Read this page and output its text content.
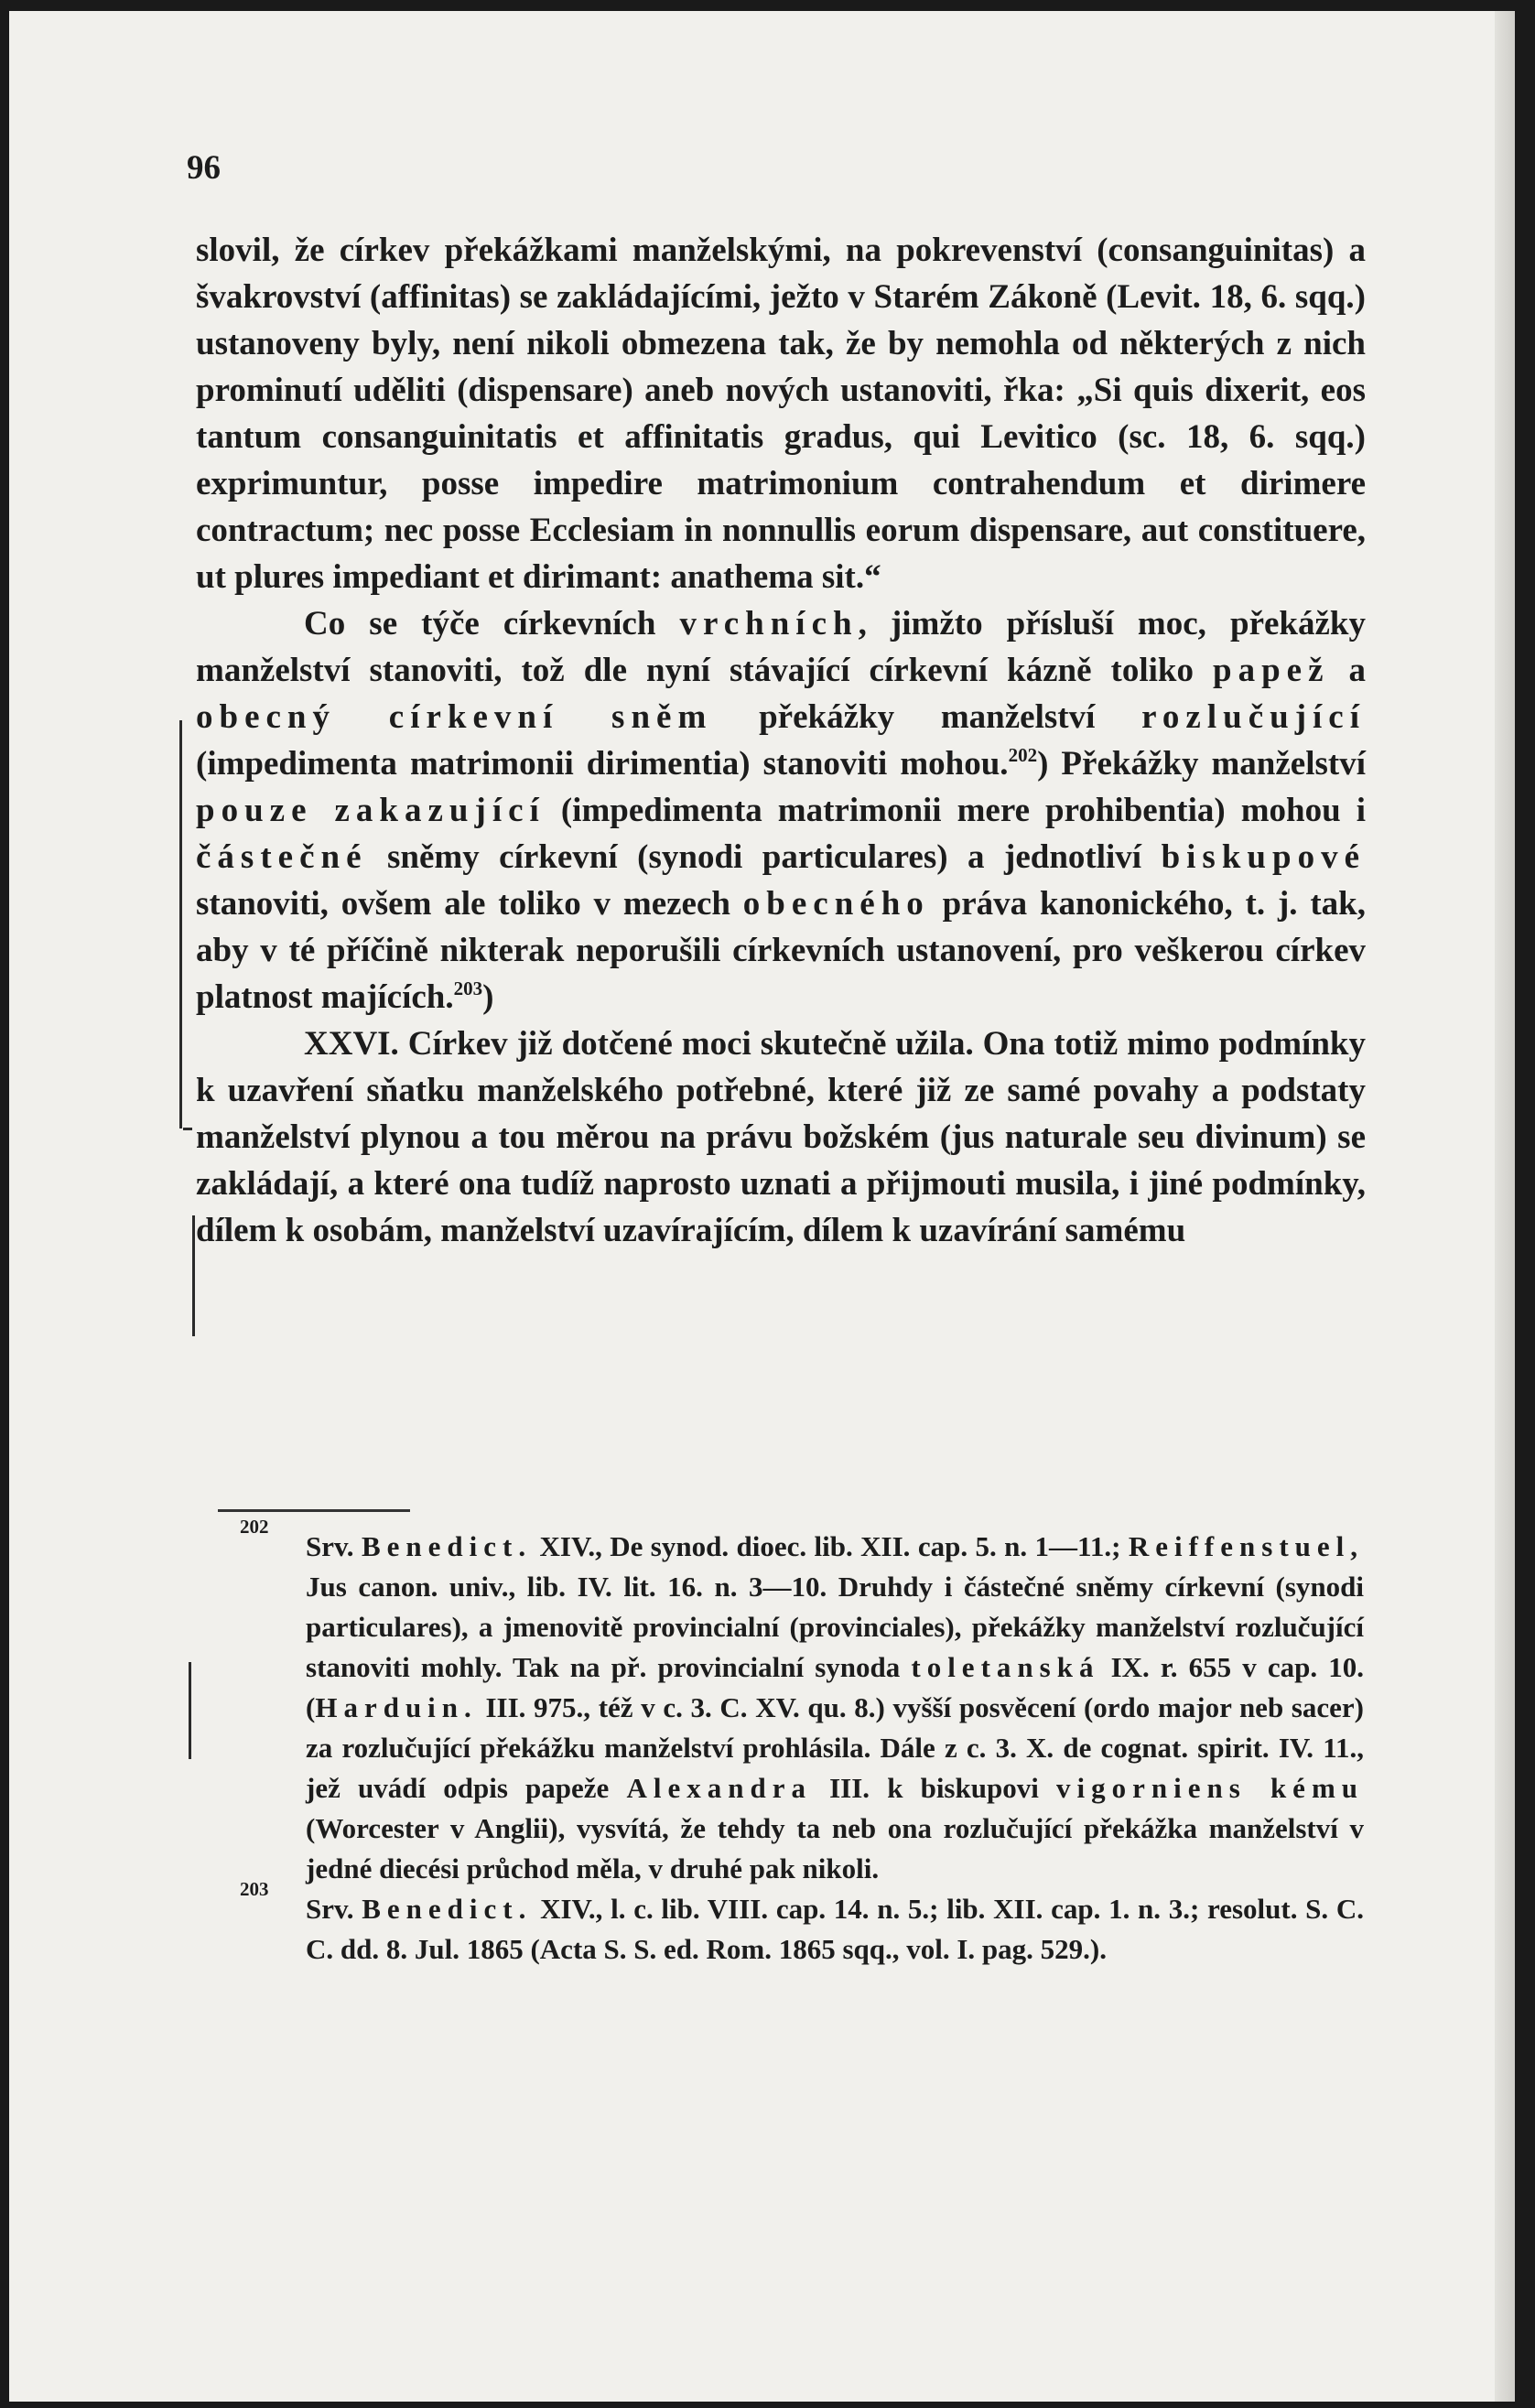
96

slovil, že církev překážkami manželskými, na pokrevenství (consanguinitas) a švakrovství (affinitas) se zakládajícími, ježto v Starém Zákoně (Levit. 18, 6. sqq.) ustanoveny byly, není nikoli obmezena tak, že by nemohla od některých z nich prominutí uděliti (dispensare) aneb nových ustanoviti, řka: „Si quis dixerit, eos tantum consanguinitatis et affinitatis gradus, qui Levitico (sc. 18, 6. sqq.) exprimuntur, posse impedire matrimonium contrahendum et dirimere contractum; nec posse Ecclesiam in nonnullis eorum dispensare, aut constituere, ut plures impediant et dirimant: anathema sit.“

Co se týče církevních vrchních, jimžto přísluší moc, překážky manželství stanoviti, tož dle nyní stávající církevní kázně toliko papež a obecný církevní sněm překážky manželství rozlučující (impedimenta matrimonii dirimentia) stanoviti mohou.$^{202}$) Překážky manželství pouze zakazující (impedimenta matrimonii mere prohibentia) mohou i částečné sněmy církevní (synodi particulares) a jednotliví biskupové stanoviti, ovšem ale toliko v mezech obecného práva kanonického, t. j. tak, aby v té příčině nikterak neporušili církevních ustanovení, pro veškerou církev platnost majících.$^{203}$)

XXVI. Církev již dotčené moci skutečně užila. Ona totiž mimo podmínky k uzavření sňatku manželského potřebné, které již ze samé povahy a podstaty manželství plynou a tou měrou na právu božském (jus naturale seu divinum) se zakládají, a které ona tudíž naprosto uznati a přijmouti musila, i jiné podmínky, dílem k osobám, manželství uzavírajícím, dílem k uzavírání samému

202
Srv. Benedict. XIV., De synod. dioec. lib. XII. cap. 5. n. 1—11.; Reiffenstuel, Jus canon. univ., lib. IV. lit. 16. n. 3—10. Druhdy i částečné sněmy církevní (synodi particulares), a jmenovitě provincialní (provinciales), překážky manželství rozlučující stanoviti mohly. Tak na př. provincialní synoda toletanská IX. r. 655 v cap. 10. (Harduin. III. 975., též v c. 3. C. XV. qu. 8.) vyšší posvěcení (ordo major neb sacer) za rozlučující překážku manželství prohlásila. Dále z c. 3. X. de cognat. spirit. IV. 11., jež uvádí odpis papeže Alexandra III. k biskupovi vigorniens kému (Worcester v Anglii), vysvítá, že tehdy ta neb ona rozlučující překážka manželství v jedné diecési průchod měla, v druhé pak nikoli.
203
Srv. Benedict. XIV., l. c. lib. VIII. cap. 14. n. 5.; lib. XII. cap. 1. n. 3.; resolut. S. C. C. dd. 8. Jul. 1865 (Acta S. S. ed. Rom. 1865 sqq., vol. I. pag. 529.).
